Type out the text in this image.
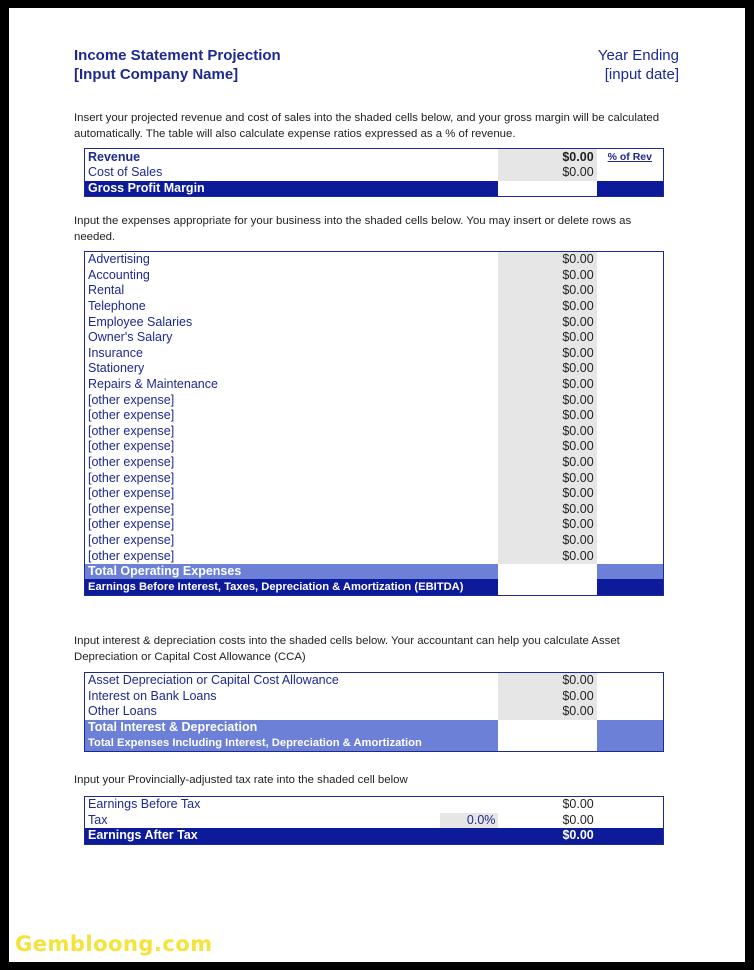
Income Statement Projection
[Input Company Name]
Year Ending
[input date]
Insert your projected revenue and cost of sales into the shaded cells below, and your gross margin will be calculated automatically. The table will also calculate expense ratios expressed as a % of revenue.
Revenue	$0.00	% of Rev
Cost of Sales	$0.00	
Gross Profit Margin	$0.00	
Input the expenses appropriate for your business into the shaded cells below. You may insert or delete rows as needed.
Advertising	$0.00	
Accounting	$0.00	
Rental	$0.00	
Telephone	$0.00	
Employee Salaries	$0.00	
Owner's Salary	$0.00	
Insurance	$0.00	
Stationery	$0.00	
Repairs & Maintenance	$0.00	
[other expense]	$0.00	
[other expense]	$0.00	
[other expense]	$0.00	
[other expense]	$0.00	
[other expense]	$0.00	
[other expense]	$0.00	
[other expense]	$0.00	
[other expense]	$0.00	
[other expense]	$0.00	
[other expense]	$0.00	
[other expense]	$0.00	
Total Operating Expenses	$0.00	
Earnings Before Interest, Taxes, Depreciation & Amortization (EBITDA)	$0.00	
Input interest & depreciation costs into the shaded cells below. Your accountant can help you calculate Asset Depreciation or Capital Cost Allowance (CCA)
Asset Depreciation or Capital Cost Allowance	$0.00	
Interest on Bank Loans	$0.00	
Other Loans	$0.00	
Total Interest & Depreciation	$0.00	
Total Expenses Including Interest, Depreciation & Amortization	$0.00	
Input your Provincially-adjusted tax rate into the shaded cell below
Earnings Before Tax		$0.00	
Tax	0.0%	$0.00	
Earnings After Tax		$0.00	
Gembloong.com
